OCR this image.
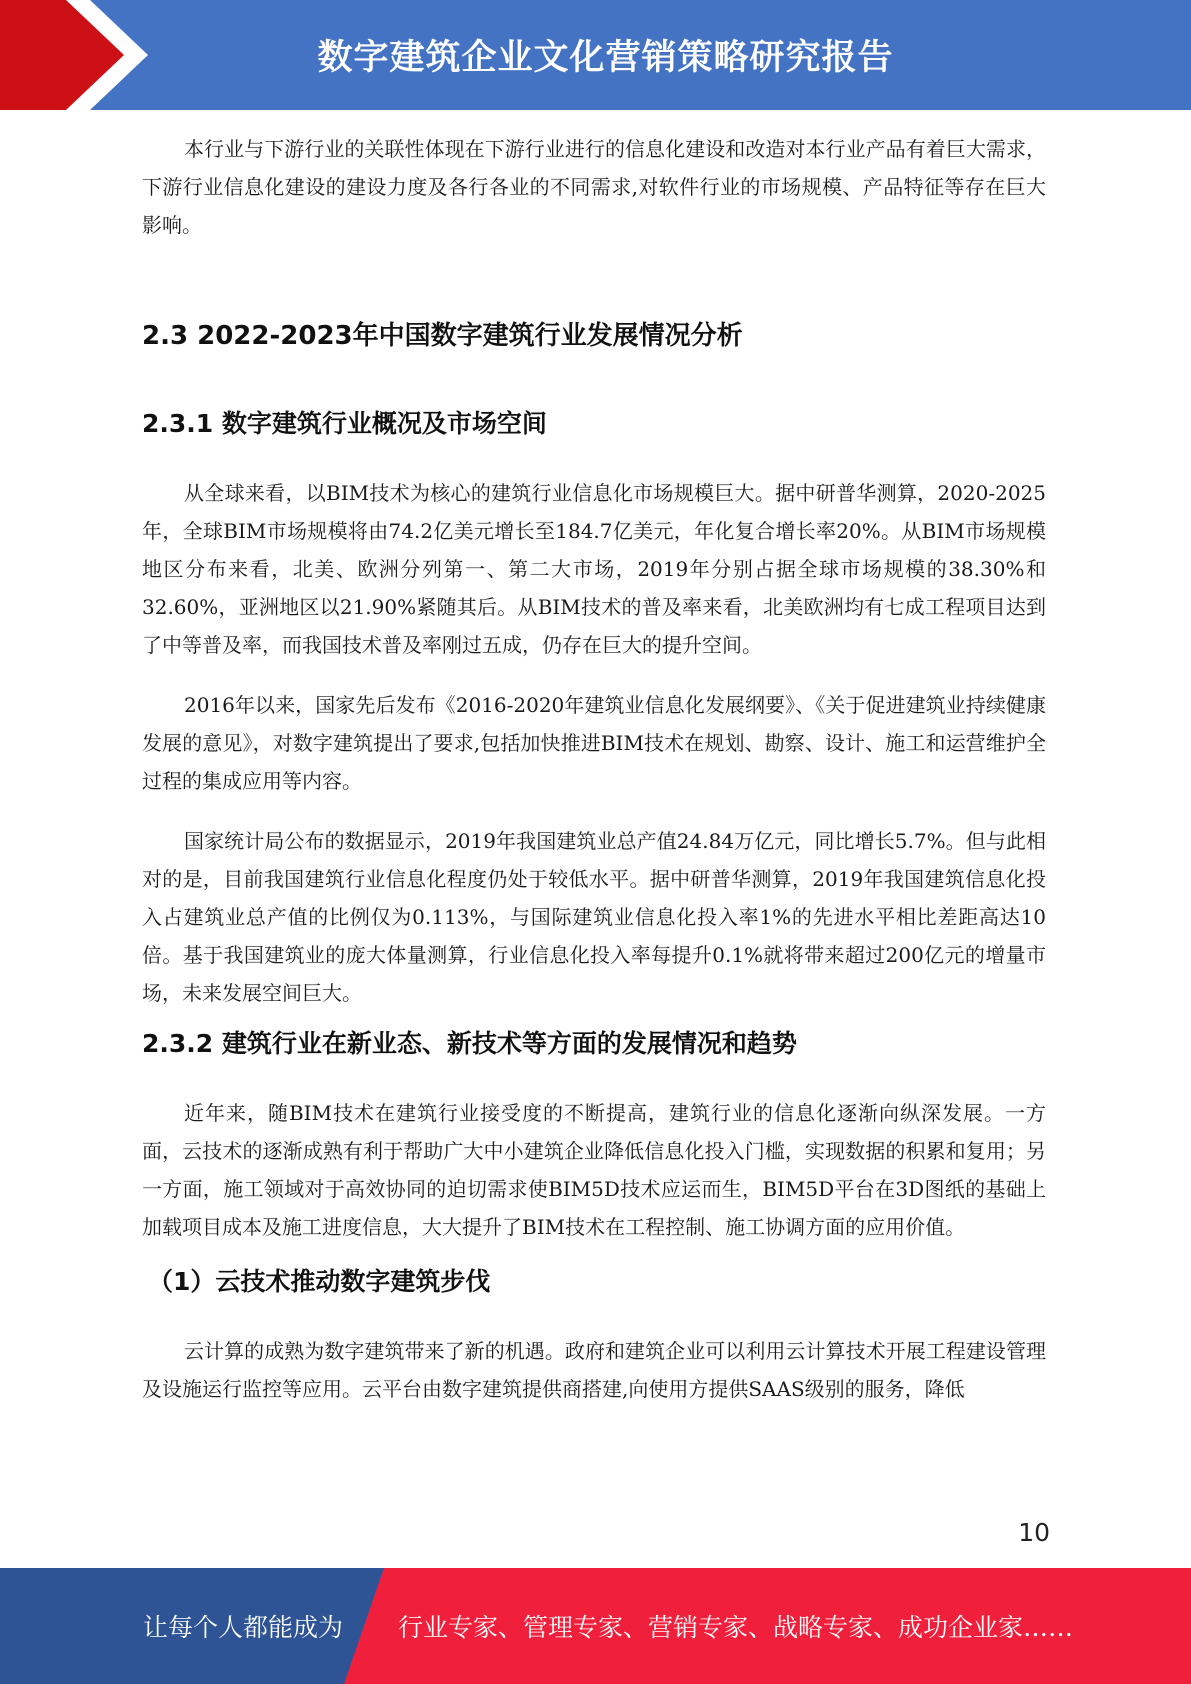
数字建筑企业文化营销策略研究报告

本行业与下游行业的关联性体现在下游行业进行的信息化建设和改造对本行业产品有着巨大需求，下游行业信息化建设的建设力度及各行各业的不同需求,对软件行业的市场规模、产品特征等存在巨大影响。

2.3 2022-2023年中国数字建筑行业发展情况分析
2.3.1 数字建筑行业概况及市场空间

从全球来看，以BIM技术为核心的建筑行业信息化市场规模巨大。据中研普华测算，2020-2025年，全球BIM市场规模将由74.2亿美元增长至184.7亿美元，年化复合增长率20%。从BIM市场规模地区分布来看，北美、欧洲分列第一、第二大市场，2019年分别占据全球市场规模的38.30%和32.60%，亚洲地区以21.90%紧随其后。从BIM技术的普及率来看，北美欧洲均有七成工程项目达到了中等普及率，而我国技术普及率刚过五成，仍存在巨大的提升空间。

2016年以来，国家先后发布《2016-2020年建筑业信息化发展纲要》、《关于促进建筑业持续健康发展的意见》，对数字建筑提出了要求,包括加快推进BIM技术在规划、勘察、设计、施工和运营维护全过程的集成应用等内容。

国家统计局公布的数据显示，2019年我国建筑业总产值24.84万亿元，同比增长5.7%。但与此相对的是，目前我国建筑行业信息化程度仍处于较低水平。据中研普华测算，2019年我国建筑信息化投入占建筑业总产值的比例仅为0.113%，与国际建筑业信息化投入率1%的先进水平相比差距高达10倍。基于我国建筑业的庞大体量测算，行业信息化投入率每提升0.1%就将带来超过200亿元的增量市场，未来发展空间巨大。

2.3.2 建筑行业在新业态、新技术等方面的发展情况和趋势

近年来，随BIM技术在建筑行业接受度的不断提高，建筑行业的信息化逐渐向纵深发展。一方面，云技术的逐渐成熟有利于帮助广大中小建筑企业降低信息化投入门槛，实现数据的积累和复用；另一方面，施工领域对于高效协同的迫切需求使BIM5D技术应运而生，BIM5D平台在3D图纸的基础上加载项目成本及施工进度信息，大大提升了BIM技术在工程控制、施工协调方面的应用价值。

（1）云技术推动数字建筑步伐

云计算的成熟为数字建筑带来了新的机遇。政府和建筑企业可以利用云计算技术开展工程建设管理及设施运行监控等应用。云平台由数字建筑提供商搭建,向使用方提供SAAS级别的服务，降低

10
让每个人都能成为 行业专家、管理专家、营销专家、战略专家、成功企业家……
